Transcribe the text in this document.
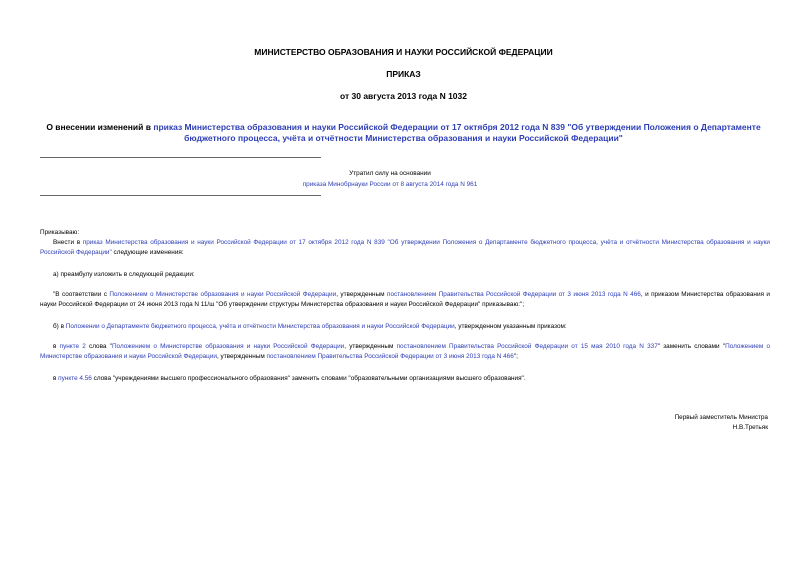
МИНИСТЕРСТВО ОБРАЗОВАНИЯ И НАУКИ РОССИЙСКОЙ ФЕДЕРАЦИИ
ПРИКАЗ
от 30 августа 2013 года N 1032
О внесении изменений в приказ Министерства образования и науки Российской Федерации от 17 октября 2012 года N 839 "Об утверждении Положения о Департаменте бюджетного процесса, учёта и отчётности Министерства образования и науки Российской Федерации"
Утратил силу на основании
приказа Минобрнауки России от 8 августа 2014 года N 961
Приказываю:
Внести в приказ Министерства образования и науки Российской Федерации от 17 октября 2012 года N 839 "Об утверждении Положения о Департаменте бюджетного процесса, учёта и отчётности Министерства образования и науки Российской Федерации" следующие изменения:
а) преамбулу изложить в следующей редакции:
"В соответствии с Положением о Министерстве образования и науки Российской Федерации, утвержденным постановлением Правительства Российской Федерации от 3 июня 2013 года N 466, и приказом Министерства образования и науки Российской Федерации от 24 июня 2013 года N 11/ш "Об утверждении структуры Министерства образования и науки Российской Федерации" приказываю:";
б) в Положении о Департаменте бюджетного процесса, учёта и отчётности Министерства образования и науки Российской Федерации, утвержденном указанным приказом:
в пункте 2 слова "Положением о Министерстве образования и науки Российской Федерации, утвержденным постановлением Правительства Российской Федерации от 15 мая 2010 года N 337" заменить словами "Положением о Министерстве образования и науки Российской Федерации, утвержденным постановлением Правительства Российской Федерации от 3 июня 2013 года N 466";
в пункте 4.56 слова "учреждениями высшего профессионального образования" заменить словами "образовательными организациями высшего образования".
Первый заместитель Министра
Н.В.Третьяк
